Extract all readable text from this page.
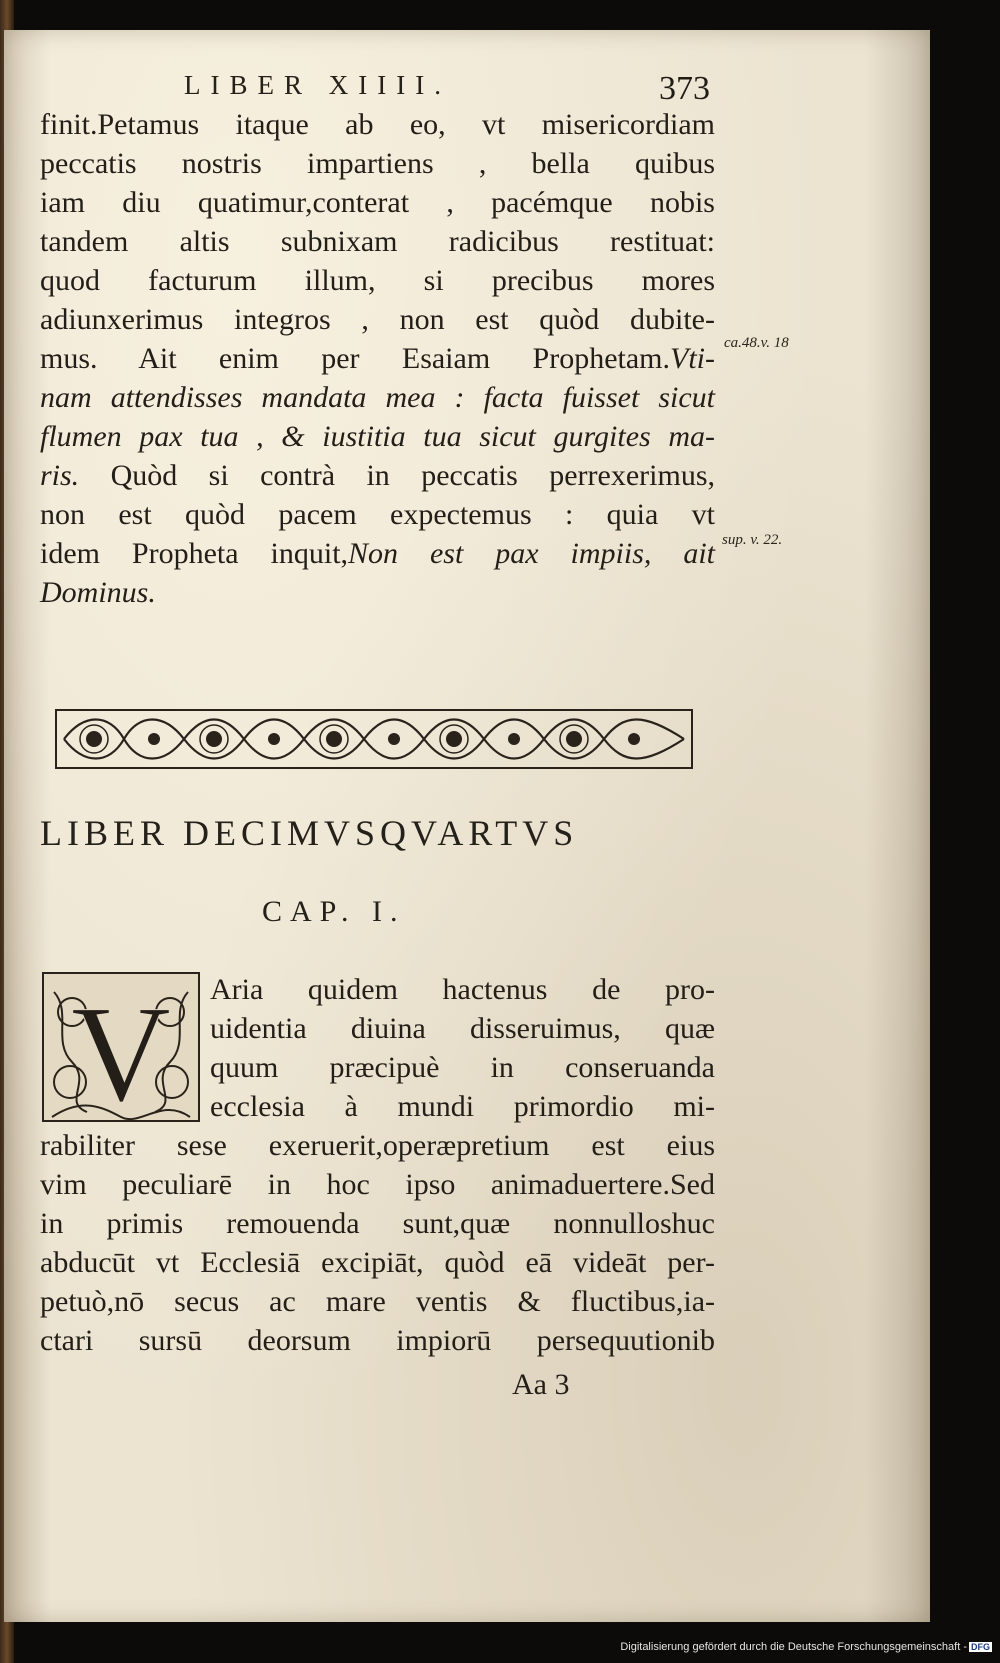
LIBER XIIII.	373
finit.Petamus itaque ab eo, vt misericordiam
peccatis nostris impartiens , bella quibus
iam diu quatimur,conterat , pacémque nobis
tandem altis subnixam radicibus restituat:
quod facturum illum, si precibus mores
adiunxerimus integros , non est quòd dubite-
mus. Ait enim per Esaiam Prophetam.Vti-
nam attendisses mandata mea : facta fuisset sicut
flumen pax tua , & iustitia tua sicut gurgites ma-
ris. Quòd si contrà in peccatis perrexerimus,
non est quòd pacem expectemus : quia vt
idem Propheta inquit,Non est pax impiis, ait
Dominus.
ca.48.v. 18
sup. v. 22.
LIBER DECIMVSQVARTVS
CAP. I.
V Aria quidem hactenus de pro-
uidentia diuina disseruimus, quæ
quum præcipuè in conseruanda
ecclesia à mundi primordio mi-
rabiliter sese exeruerit,operæpretium est eius
vim peculiarē in hoc ipso animaduertere.Sed
in primis remouenda sunt,quæ nonnulloshuc
abducūt vt Ecclesiā excipiāt, quòd eā videāt per-
petuò,nō secus ac mare ventis & fluctibus,ia-
ctari sursū deorsum impiorū persequutionib
Aa 3
Digitalisierung gefördert durch die Deutsche Forschungsgemeinschaft - DFG
